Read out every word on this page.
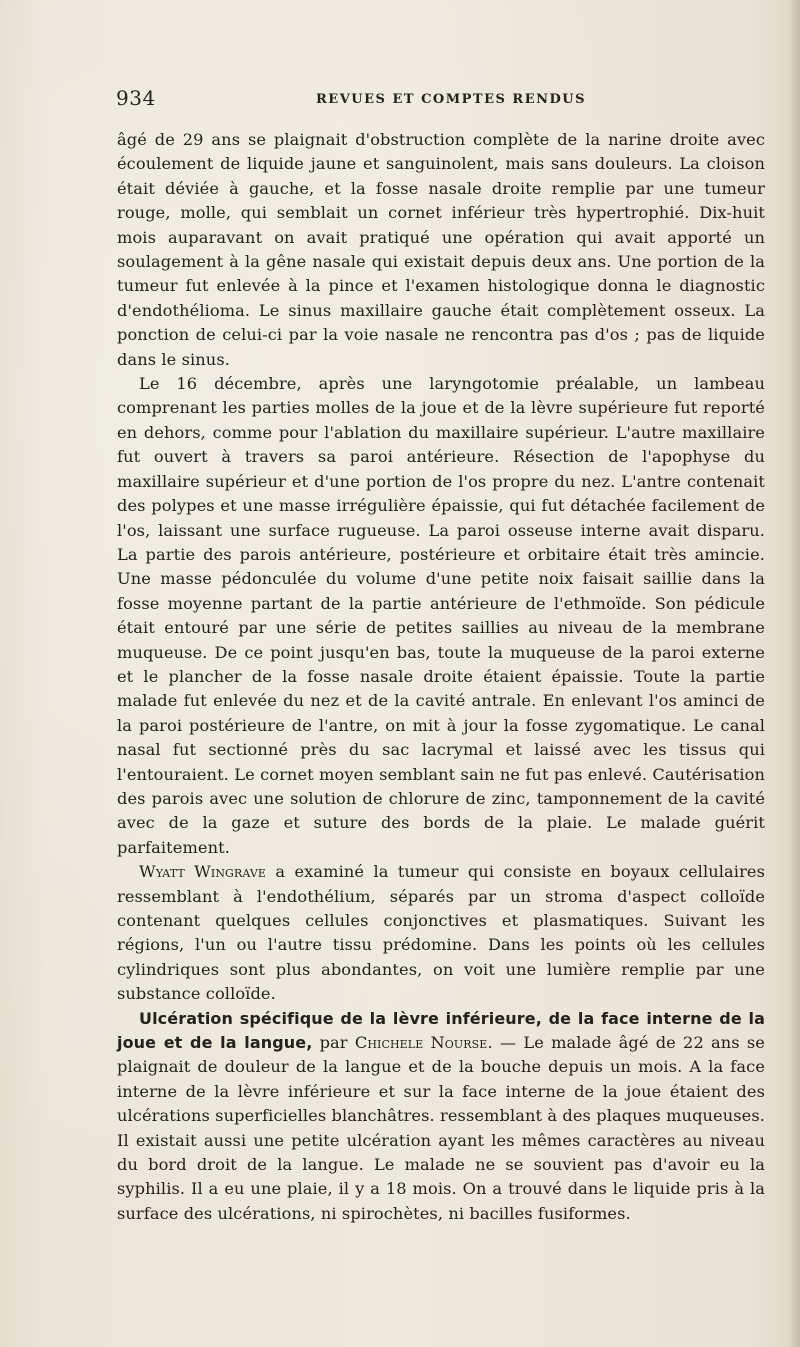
934	REVUES ET COMPTES RENDUS

âgé de 29 ans se plaignait d'obstruction complète de la narine droite avec écoulement de liquide jaune et sanguinolent, mais sans douleurs. La cloison était déviée à gauche, et la fosse nasale droite remplie par une tumeur rouge, molle, qui semblait un cornet inférieur très hypertrophié. Dix-huit mois auparavant on avait pratiqué une opération qui avait apporté un soulagement à la gêne nasale qui existait depuis deux ans. Une portion de la tumeur fut enlevée à la pince et l'examen histologique donna le diagnostic d'endothélioma. Le sinus maxillaire gauche était complètement osseux. La ponction de celui-ci par la voie nasale ne rencontra pas d'os ; pas de liquide dans le sinus.

Le 16 décembre, après une laryngotomie préalable, un lambeau comprenant les parties molles de la joue et de la lèvre supérieure fut reporté en dehors, comme pour l'ablation du maxillaire supérieur. L'autre maxillaire fut ouvert à travers sa paroi antérieure. Résection de l'apophyse du maxillaire supérieur et d'une portion de l'os propre du nez. L'antre contenait des polypes et une masse irrégulière épaissie, qui fut détachée facilement de l'os, laissant une surface rugueuse. La paroi osseuse interne avait disparu. La partie des parois antérieure, postérieure et orbitaire était très amincie. Une masse pédonculée du volume d'une petite noix faisait saillie dans la fosse moyenne partant de la partie antérieure de l'ethmoïde. Son pédicule était entouré par une série de petites saillies au niveau de la membrane muqueuse. De ce point jusqu'en bas, toute la muqueuse de la paroi externe et le plancher de la fosse nasale droite étaient épaissie. Toute la partie malade fut enlevée du nez et de la cavité antrale. En enlevant l'os aminci de la paroi postérieure de l'antre, on mit à jour la fosse zygomatique. Le canal nasal fut sectionné près du sac lacrymal et laissé avec les tissus qui l'entouraient. Le cornet moyen semblant sain ne fut pas enlevé. Cautérisation des parois avec une solution de chlorure de zinc, tamponnement de la cavité avec de la gaze et suture des bords de la plaie. Le malade guérit parfaitement.

Wyatt Wingrave a examiné la tumeur qui consiste en boyaux cellulaires ressemblant à l'endothélium, séparés par un stroma d'aspect colloïde contenant quelques cellules conjonctives et plasmatiques. Suivant les régions, l'un ou l'autre tissu prédomine. Dans les points où les cellules cylindriques sont plus abondantes, on voit une lumière remplie par une substance colloïde.

Ulcération spécifique de la lèvre inférieure, de la face interne de la joue et de la langue, par Chichele Nourse. — Le malade âgé de 22 ans se plaignait de douleur de la langue et de la bouche depuis un mois. A la face interne de la lèvre inférieure et sur la face interne de la joue étaient des ulcérations superficielles blanchâtres. ressemblant à des plaques muqueuses. Il existait aussi une petite ulcération ayant les mêmes caractères au niveau du bord droit de la langue. Le malade ne se souvient pas d'avoir eu la syphilis. Il a eu une plaie, il y a 18 mois. On a trouvé dans le liquide pris à la surface des ulcérations, ni spirochètes, ni bacilles fusiformes.
